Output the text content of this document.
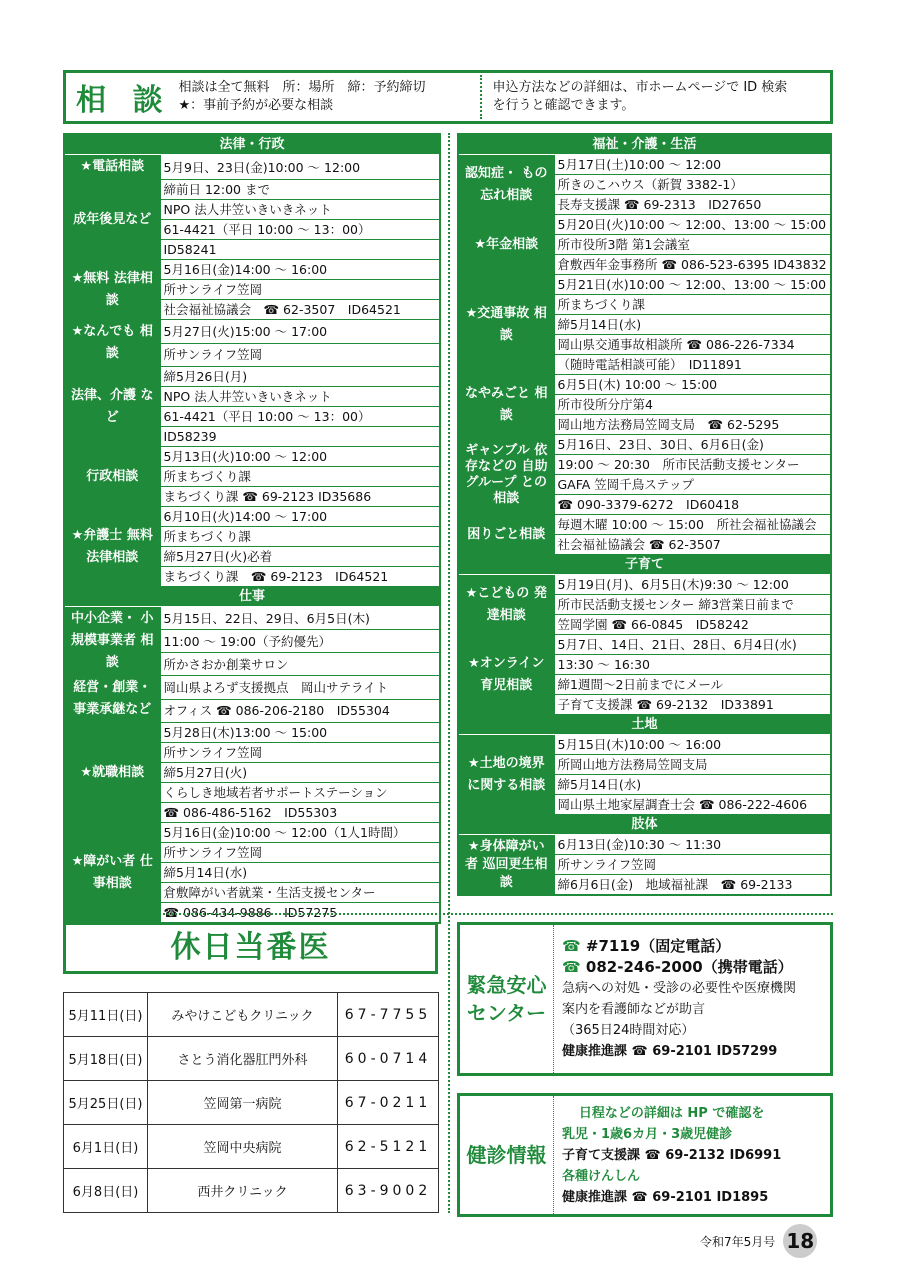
相 談 相談は全て無料　所：場所　締：予約締切
★：事前予約が必要な相談
申込方法などの詳細は、市ホームページで ID 検索
を行うと確認できます。
法律・行政	
★電話相談	5月9日、23日(金)10:00 ～ 12:00
成年後見など	締前日 12:00 まで
	NPO 法人井笠いきいきネット
	61-4421（平日 10:00 ～ 13：00）
	ID58241
★無料 法律相談	5月16日(金)14:00 ～ 16:00
	所サンライフ笠岡
	社会福祉協議会　☎ 62-3507　ID64521
★なんでも 相談	5月27日(火)15:00 ～ 17:00
	所サンライフ笠岡
法律、介護 など	締5月26日(月)
	NPO 法人井笠いきいきネット
	61-4421（平日 10:00 ～ 13：00）
	ID58239
行政相談	5月13日(火)10:00 ～ 12:00
	所まちづくり課
	まちづくり課 ☎ 69-2123 ID35686
★弁護士 無料法律相談	6月10日(火)14:00 ～ 17:00
	所まちづくり課
	締5月27日(火)必着
	まちづくり課　☎ 69-2123　ID64521
仕事	
中小企業・ 小規模事業者 相談	5月15日、22日、29日、6月5日(木)
	11:00 ～ 19:00（予約優先）
	所かさおか創業サロン
経営・創業・ 事業承継など	岡山県よろず支援拠点　岡山サテライト
	オフィス ☎ 086-206-2180　ID55304
★就職相談	5月28日(木)13:00 ～ 15:00
	所サンライフ笠岡
	締5月27日(火)
	くらしき地域若者サポートステーション
	☎ 086-486-5162　ID55303
★障がい者 仕事相談	5月16日(金)10:00 ～ 12:00（1人1時間）
	所サンライフ笠岡
	締5月14日(水)
	倉敷障がい者就業・生活支援センター
	☎ 086-434-9886　ID57275
福祉・介護・生活	
認知症・ もの忘れ相談	5月17日(土)10:00 ～ 12:00
	所きのこハウス（新賀 3382-1）
	長寿支援課 ☎ 69-2313　ID27650
★年金相談	5月20日(火)10:00 ～ 12:00、13:00 ～ 15:00
	所市役所3階 第1会議室
	倉敷西年金事務所 ☎ 086-523-6395 ID43832
★交通事故 相談	5月21日(水)10:00 ～ 12:00、13:00 ～ 15:00
	所まちづくり課
	締5月14日(水)
	岡山県交通事故相談所 ☎ 086-226-7334
	（随時電話相談可能）　ID11891
なやみごと 相談	6月5日(木) 10:00 ～ 15:00
	所市役所分庁第4
	岡山地方法務局笠岡支局　☎ 62-5295
ギャンブル 依存などの 自助グループ との相談	5月16日、23日、30日、6月6日(金)
	19:00 ～ 20:30　所市民活動支援センター
	GAFA 笠岡千鳥ステップ
	☎ 090-3379-6272　ID60418
困りごと相談	毎週木曜 10:00 ～ 15:00　所社会福祉協議会
	社会福祉協議会 ☎ 62-3507
子育て	
★こどもの 発達相談	5月19日(月)、6月5日(木)9:30 ～ 12:00
	所市民活動支援センター 締3営業日前まで
	笠岡学園 ☎ 66-0845　ID58242
★オンライン 育児相談	5月7日、14日、21日、28日、6月4日(水)
	13:30 ～ 16:30
	締1週間～2日前までにメール
	子育て支援課 ☎ 69-2132　ID33891
土地	
★土地の境界 に関する相談	5月15日(木)10:00 ～ 16:00
	所岡山地方法務局笠岡支局
	締5月14日(水)
	岡山県土地家屋調査士会 ☎ 086-222-4606
肢体	
★身体障がい者 巡回更生相談	6月13日(金)10:30 ～ 11:30
	所サンライフ笠岡
	締6月6日(金)　地域福祉課　☎ 69-2133
休日当番医
5月11日(日)	みやけこどもクリニック	67-7755
5月18日(日)	さとう消化器肛門外科	60-0714
5月25日(日)	笠岡第一病院	67-0211
6月1日(日)	笠岡中央病院	62-5121
6月8日(日)	西井クリニック	63-9002
緊急安心 センター
☎ #7119（固定電話）
☎ 082-246-2000（携帯電話）
急病への対処・受診の必要性や医療機関
案内を看護師などが助言
（365日24時間対応）
健康推進課 ☎ 69-2101 ID57299
健診情報
日程などの詳細は HP で確認を
乳児・1歳6カ月・3歳児健診
子育て支援課 ☎ 69-2132 ID6991
各種けんしん
健康推進課 ☎ 69-2101 ID1895
令和7年5月号 18
